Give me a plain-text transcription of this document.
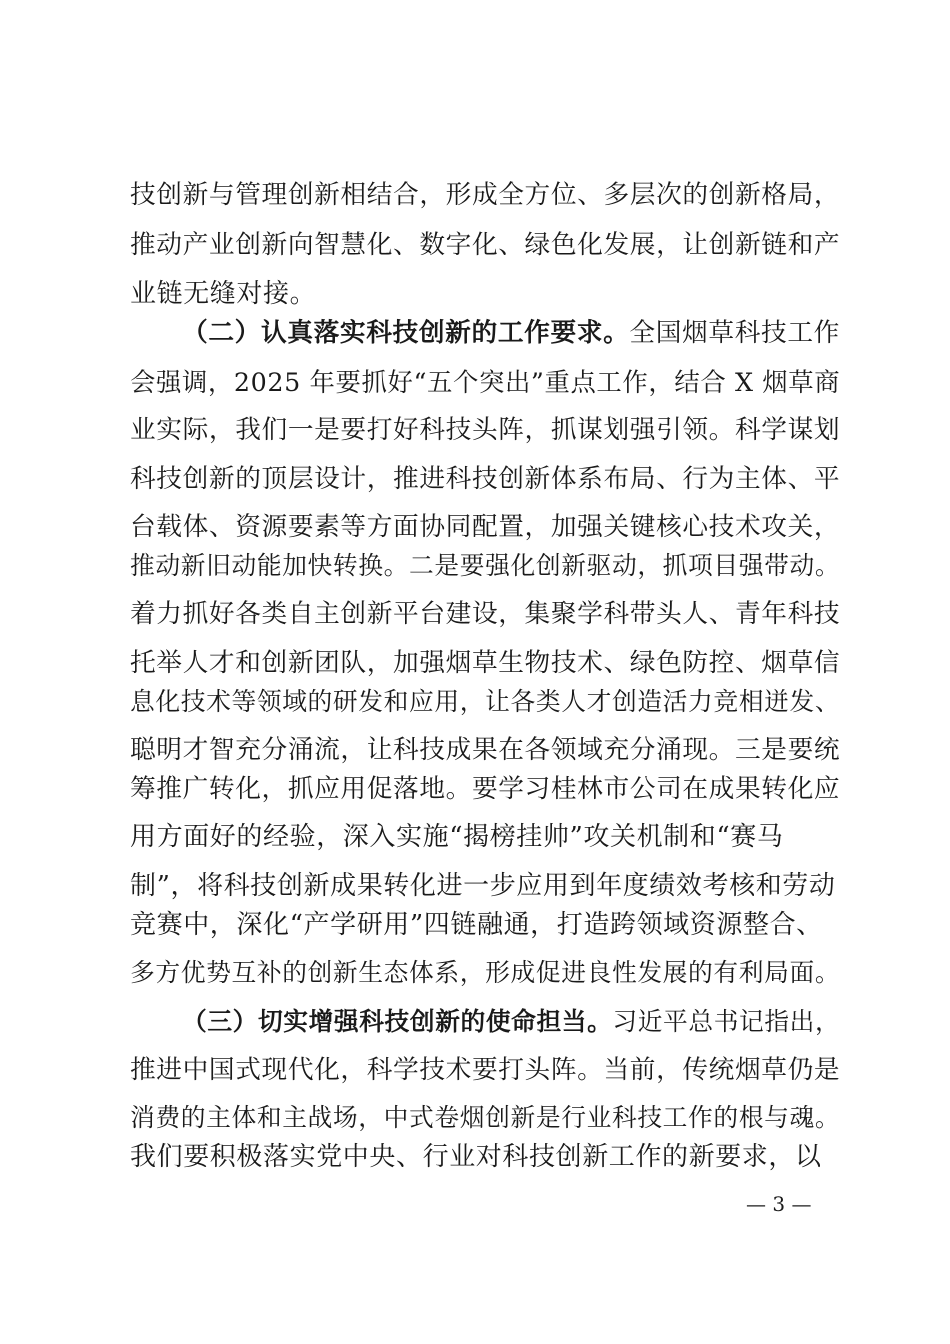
技创新与管理创新相结合，形成全方位、多层次的创新格局，
推动产业创新向智慧化、数字化、绿色化发展，让创新链和产
业链无缝对接。
（二）认真落实科技创新的工作要求。全国烟草科技工作
会强调，2025 年要抓好“五个突出”重点工作，结合 X 烟草商
业实际，我们一是要打好科技头阵，抓谋划强引领。科学谋划
科技创新的顶层设计，推进科技创新体系布局、行为主体、平
台载体、资源要素等方面协同配置，加强关键核心技术攻关，
推动新旧动能加快转换。二是要强化创新驱动，抓项目强带动。
着力抓好各类自主创新平台建设，集聚学科带头人、青年科技
托举人才和创新团队，加强烟草生物技术、绿色防控、烟草信
息化技术等领域的研发和应用，让各类人才创造活力竞相迸发、
聪明才智充分涌流，让科技成果在各领域充分涌现。三是要统
筹推广转化，抓应用促落地。要学习桂林市公司在成果转化应
用方面好的经验，深入实施“揭榜挂帅”攻关机制和“赛马
制”，将科技创新成果转化进一步应用到年度绩效考核和劳动
竞赛中，深化“产学研用”四链融通，打造跨领域资源整合、
多方优势互补的创新生态体系，形成促进良性发展的有利局面。
（三）切实增强科技创新的使命担当。习近平总书记指出，
推进中国式现代化，科学技术要打头阵。当前，传统烟草仍是
消费的主体和主战场，中式卷烟创新是行业科技工作的根与魂。
我们要积极落实党中央、行业对科技创新工作的新要求，以
— 3 —
